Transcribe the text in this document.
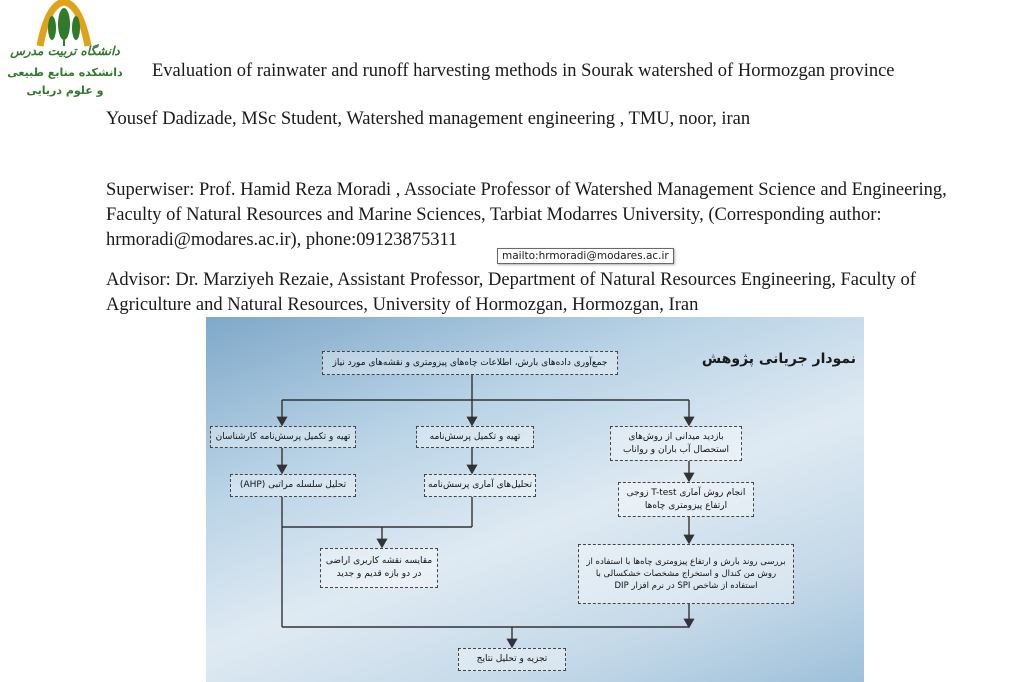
دانشگاه تربیت مدرس
دانشکده منابع طبیعی
و علوم دریایی
Evaluation of rainwater and runoff harvesting methods in Sourak watershed of Hormozgan province
Yousef Dadizade, MSc Student, Watershed management engineering , TMU, noor, iran
Superwiser: Prof. Hamid Reza Moradi , Associate Professor of Watershed Management Science and Engineering, Faculty of Natural Resources and Marine Sciences, Tarbiat Modarres University, (Corresponding author: hrmoradi@modares.ac.ir), phone:09123875311
mailto:hrmoradi@modares.ac.ir
Advisor: Dr. Marziyeh Rezaie, Assistant Professor, Department of Natural Resources Engineering, Faculty of Agriculture and Natural Resources, University of Hormozgan, Hormozgan, Iran
نمودار جریانی پژوهش
جمع‌آوری داده‌های بارش، اطلاعات چاه‌های پیزومتری و نقشه‌های مورد نیاز
تهیه و تکمیل پرسش‌نامه کارشناسان
تحلیل سلسله مراتبی (AHP)
تهیه و تکمیل پرسش‌نامه
تحلیل‌های آماری پرسش‌نامه
بازدید میدانی از روش‌های استحصال آب باران و رواناب
انجام روش آماری T-test زوجی ارتفاع پیزومتری چاه‌ها
مقایسه نقشه کاربری اراضی در دو بازه قدیم و جدید
بررسی روند بارش و ارتفاع پیزومتری چاه‌ها با استفاده از روش من کندال و استخراج مشخصات خشکسالی با استفاده از شاخص SPI در نرم افزار DIP
تجزیه و تحلیل نتایج
